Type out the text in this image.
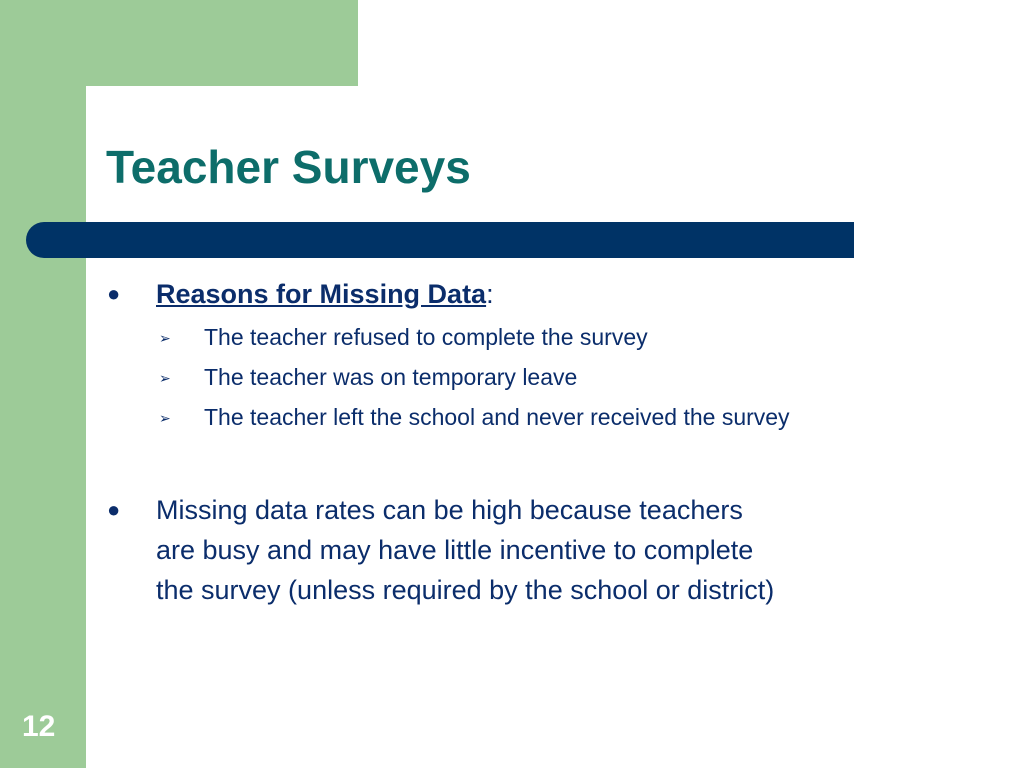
Teacher Surveys
●	Reasons for Missing Data:
➢ The teacher refused to complete the survey
➢ The teacher was on temporary leave
➢ The teacher left the school and never received the survey
●	Missing data rates can be high because teachers
are busy and may have little incentive to complete
the survey (unless required by the school or district)
12
